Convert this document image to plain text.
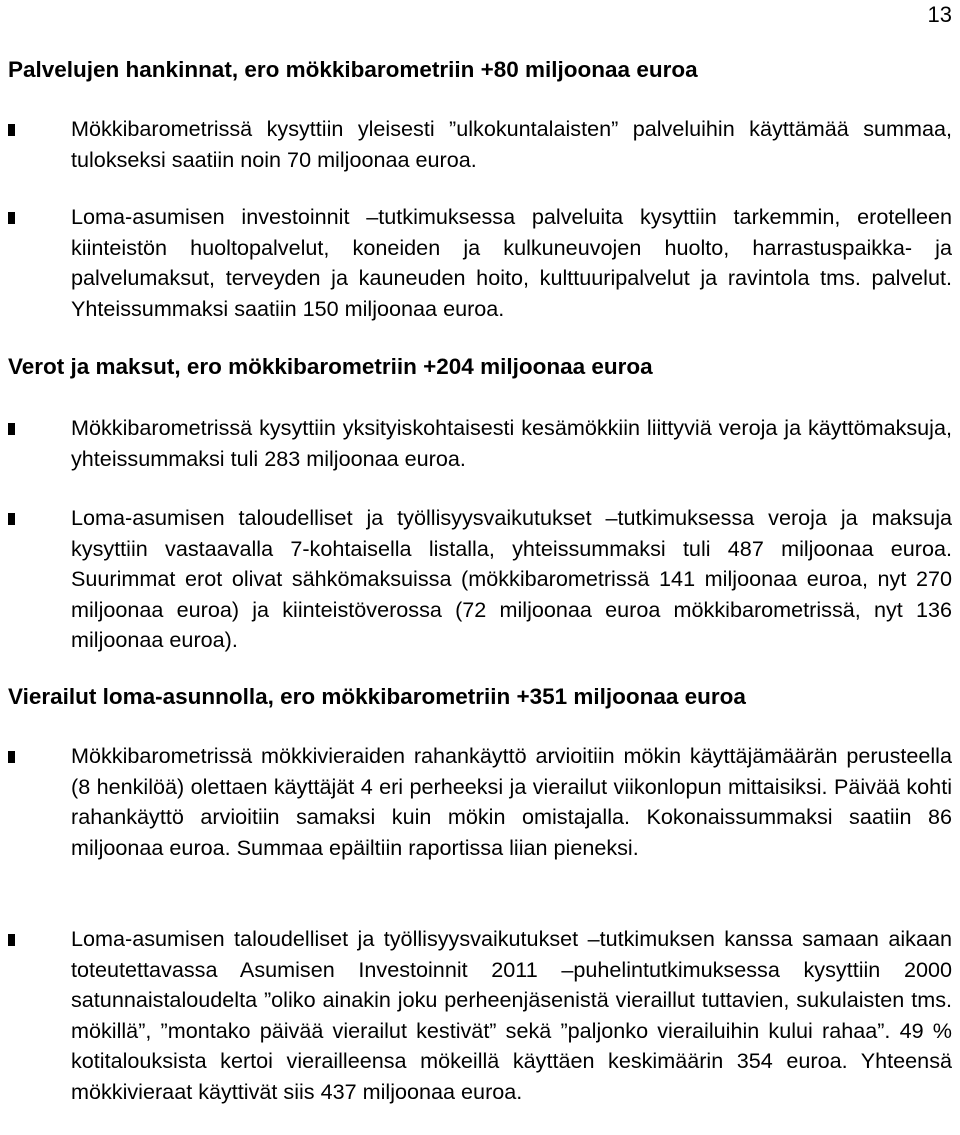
13
Palvelujen hankinnat, ero mökkibarometriin +80 miljoonaa euroa
Mökkibarometrissä kysyttiin yleisesti ”ulkokuntalaisten” palveluihin käyttämää summaa, tulokseksi saatiin noin 70 miljoonaa euroa.
Loma-asumisen investoinnit –tutkimuksessa palveluita kysyttiin tarkemmin, erotelleen kiinteistön huoltopalvelut, koneiden ja kulkuneuvojen huolto, harrastuspaikka- ja palvelumaksut, terveyden ja kauneuden hoito, kulttuuripalvelut ja ravintola tms. palvelut. Yhteissummaksi saatiin 150 miljoonaa euroa.
Verot ja maksut, ero mökkibarometriin +204 miljoonaa euroa
Mökkibarometrissä kysyttiin yksityiskohtaisesti kesämökkiin liittyviä veroja ja käyttömaksuja, yhteissummaksi tuli 283 miljoonaa euroa.
Loma-asumisen taloudelliset ja työllisyysvaikutukset –tutkimuksessa veroja ja maksuja kysyttiin vastaavalla 7-kohtaisella listalla, yhteissummaksi tuli 487 miljoonaa euroa. Suurimmat erot olivat sähkömaksuissa (mökkibarometrissä 141 miljoonaa euroa, nyt 270 miljoonaa euroa) ja kiinteistöverossa (72 miljoonaa euroa mökkibarometrissä, nyt 136 miljoonaa euroa).
Vierailut loma-asunnolla, ero mökkibarometriin +351 miljoonaa euroa
Mökkibarometrissä mökkivieraiden rahankäyttö arvioitiin mökin käyttäjämäärän perusteella (8 henkilöä) olettaen käyttäjät 4 eri perheeksi ja vierailut viikonlopun mittaisiksi. Päivää kohti rahankäyttö arvioitiin samaksi kuin mökin omistajalla. Kokonaissummaksi saatiin 86 miljoonaa euroa. Summaa epäiltiin raportissa liian pieneksi.
Loma-asumisen taloudelliset ja työllisyysvaikutukset –tutkimuksen kanssa samaan aikaan toteutettavassa Asumisen Investoinnit 2011 –puhelintutkimuksessa kysyttiin 2000 satunnaistaloudelta ”oliko ainakin joku perheenjäsenistä vieraillut tuttavien, sukulaisten tms. mökillä”, ”montako päivää vierailut kestivät” sekä ”paljonko vierailuihin kului rahaa”. 49 % kotitalouksista kertoi vierailleensa mökeillä käyttäen keskimäärin 354 euroa. Yhteensä mökkivieraat käyttivät siis 437 miljoonaa euroa.
